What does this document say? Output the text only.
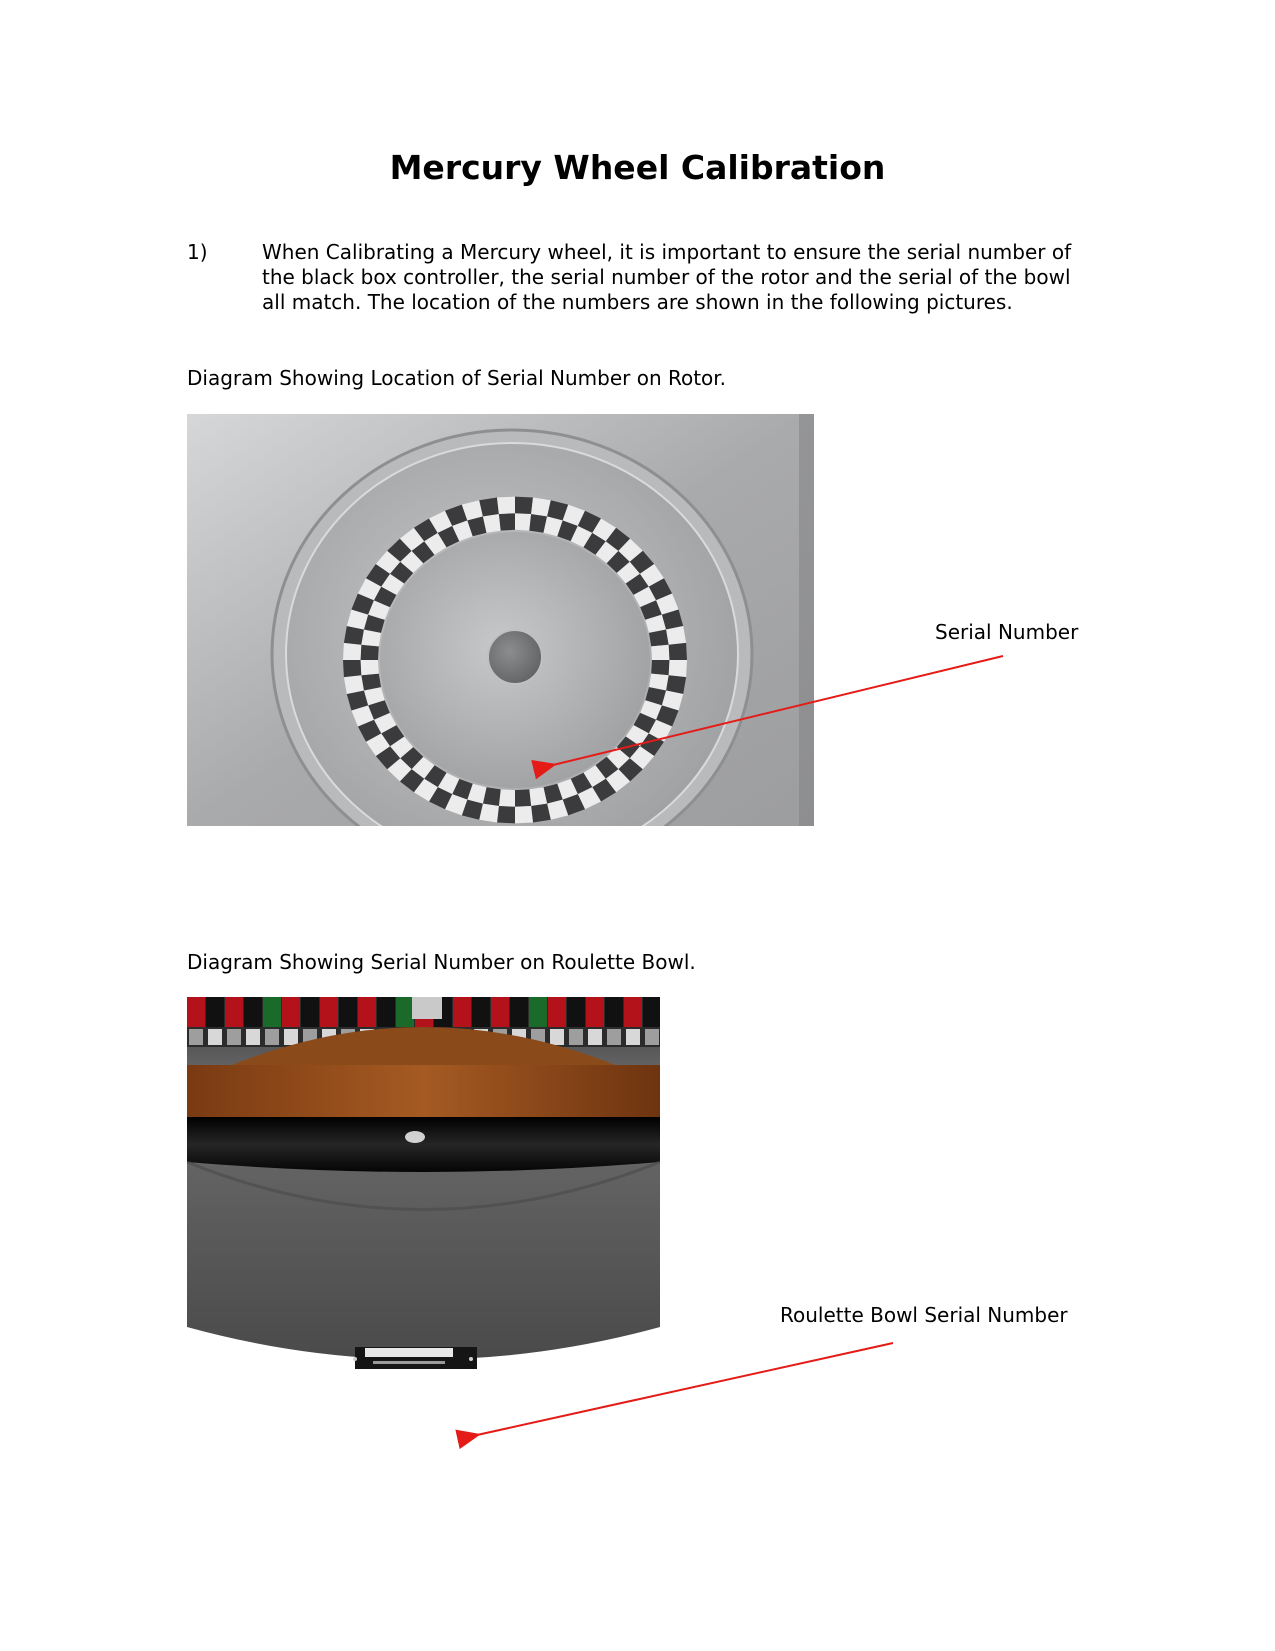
Mercury Wheel Calibration
1)	When Calibrating a Mercury wheel, it is important to ensure the serial number of the black box controller, the serial number of the rotor and the serial of the bowl all match. The location of the numbers are shown in the following pictures.
Diagram Showing Location of Serial Number on Rotor.
Diagram Showing Serial Number on Roulette Bowl.
Serial Number
Roulette Bowl Serial Number
